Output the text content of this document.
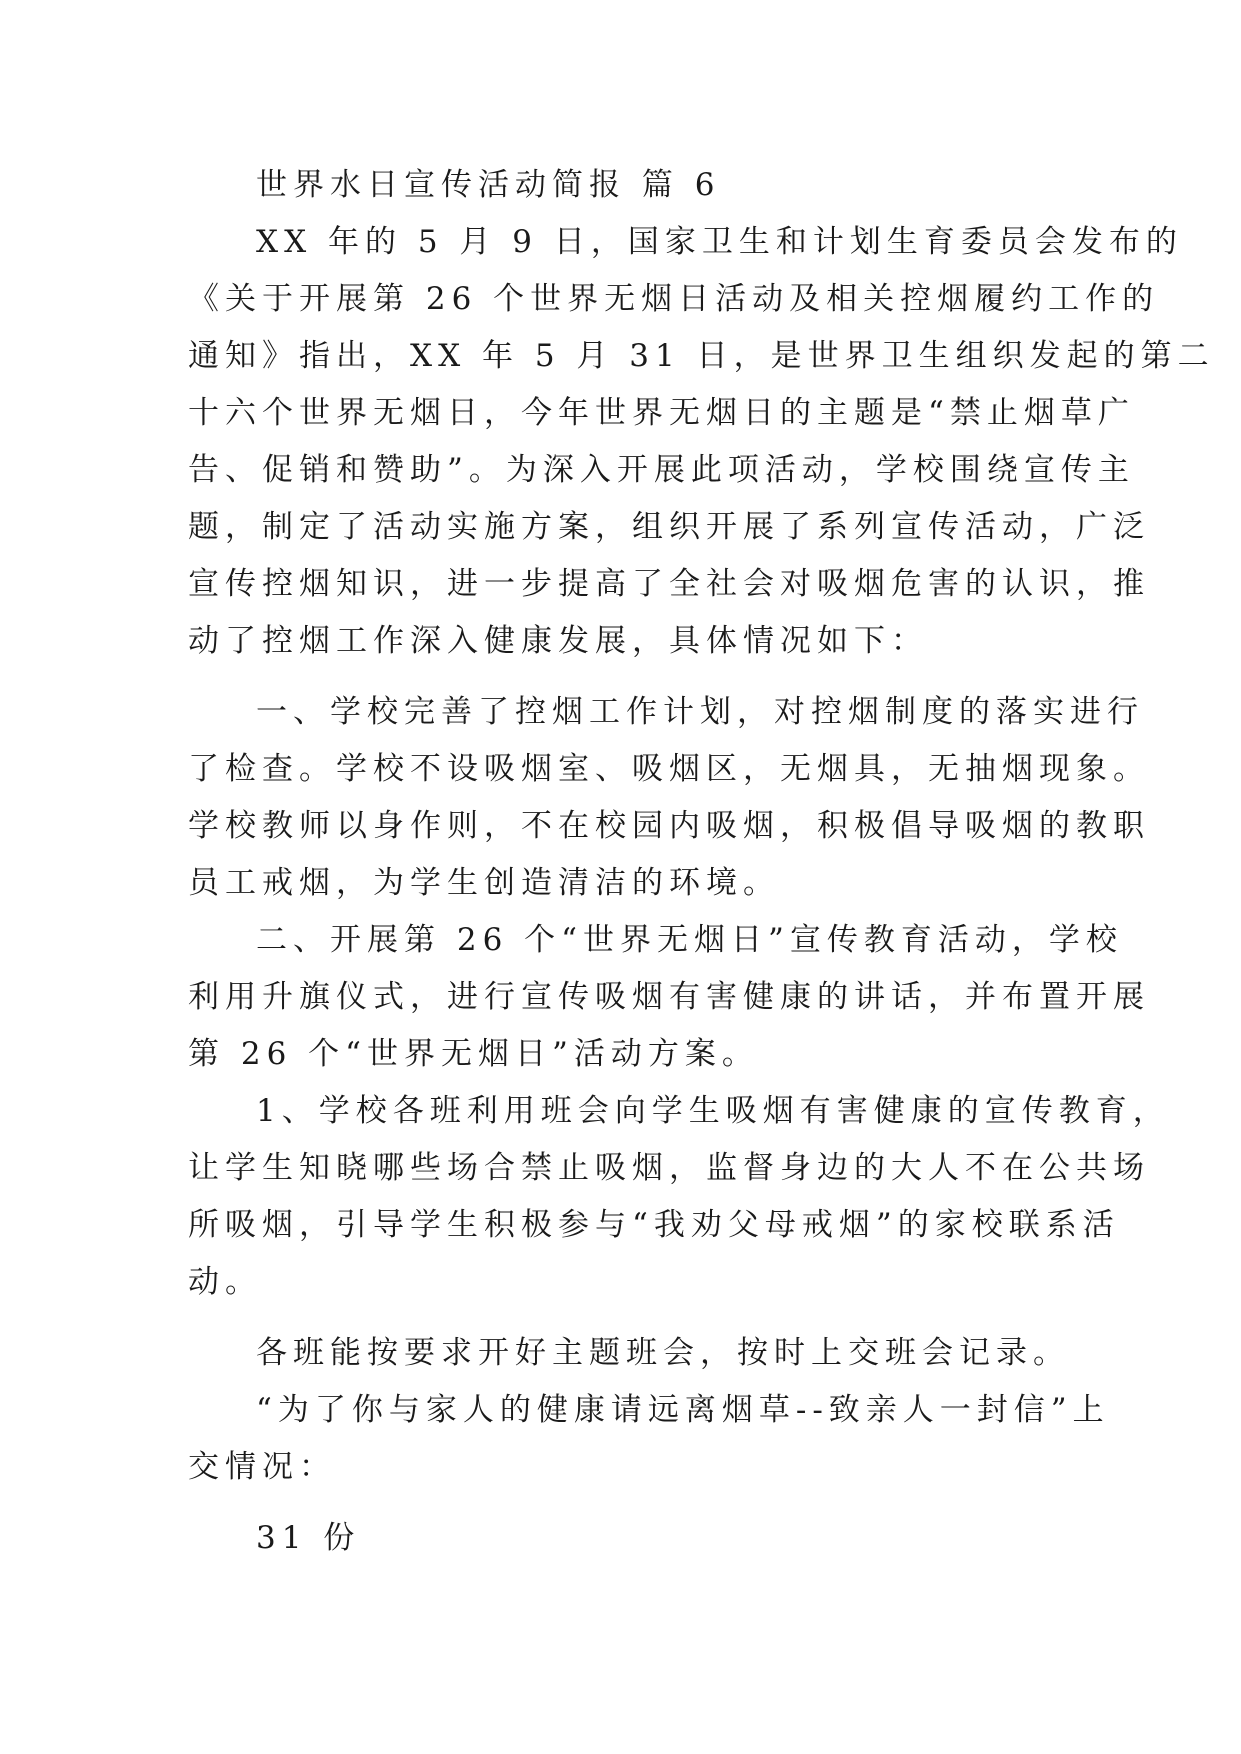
世界水日宣传活动简报 篇 6
XX 年的 5 月 9 日，国家卫生和计划生育委员会发布的
《关于开展第 26 个世界无烟日活动及相关控烟履约工作的
通知》指出，XX 年 5 月 31 日，是世界卫生组织发起的第二
十六个世界无烟日，今年世界无烟日的主题是“禁止烟草广
告、促销和赞助”。为深入开展此项活动，学校围绕宣传主
题，制定了活动实施方案，组织开展了系列宣传活动，广泛
宣传控烟知识，进一步提高了全社会对吸烟危害的认识，推
动了控烟工作深入健康发展，具体情况如下：
一、学校完善了控烟工作计划，对控烟制度的落实进行
了检查。学校不设吸烟室、吸烟区，无烟具，无抽烟现象。
学校教师以身作则，不在校园内吸烟，积极倡导吸烟的教职
员工戒烟，为学生创造清洁的环境。
二、开展第 26 个“世界无烟日”宣传教育活动，学校
利用升旗仪式，进行宣传吸烟有害健康的讲话，并布置开展
第 26 个“世界无烟日”活动方案。
1、学校各班利用班会向学生吸烟有害健康的宣传教育，
让学生知晓哪些场合禁止吸烟，监督身边的大人不在公共场
所吸烟，引导学生积极参与“我劝父母戒烟”的家校联系活
动。
各班能按要求开好主题班会，按时上交班会记录。
“为了你与家人的健康请远离烟草--致亲人一封信”上
交情况：
31 份
